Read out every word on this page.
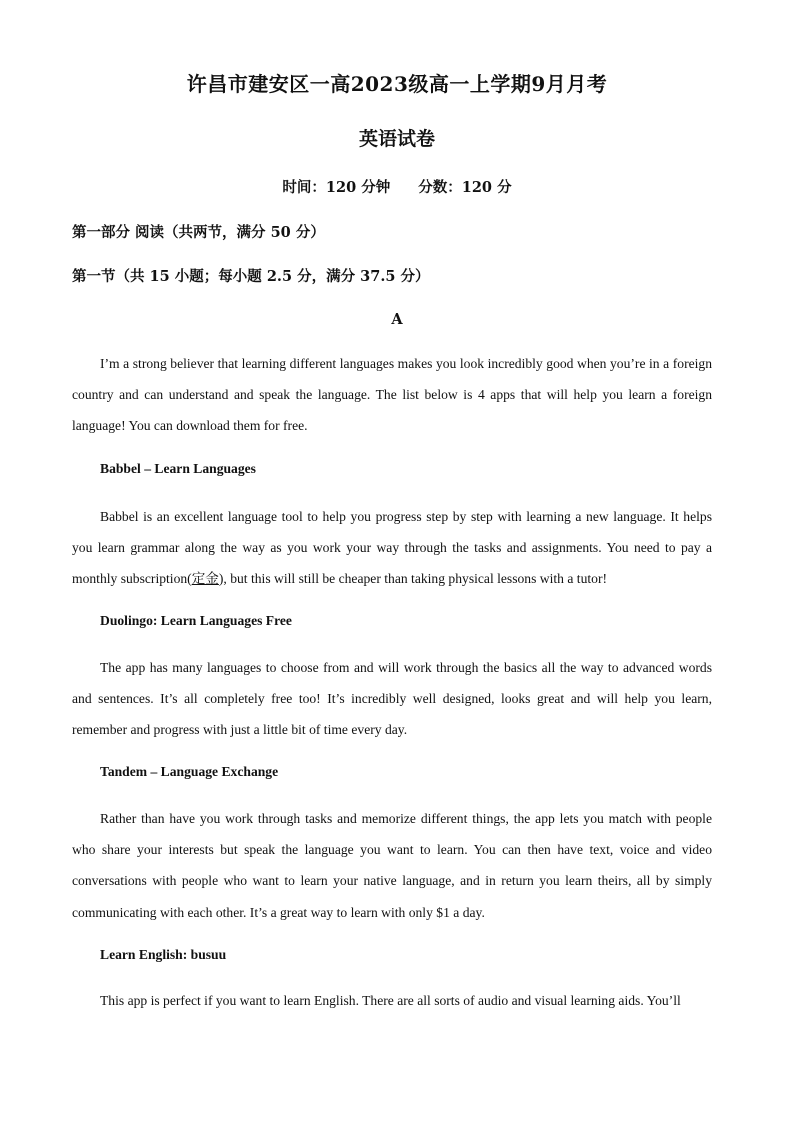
许昌市建安区一高2023级高一上学期9月月考
英语试卷
时间：120 分钟 分数：120 分
第一部分 阅读（共两节，满分 50 分）
第一节（共 15 小题；每小题 2.5 分，满分 37.5 分）
A
I’m a strong believer that learning different languages makes you look incredibly good when you’re in a foreign country and can understand and speak the language. The list below is 4 apps that will help you learn a foreign language! You can download them for free.
Babbel – Learn Languages
Babbel is an excellent language tool to help you progress step by step with learning a new language. It helps you learn grammar along the way as you work your way through the tasks and assignments. You need to pay a monthly subscription(定金), but this will still be cheaper than taking physical lessons with a tutor!
Duolingo: Learn Languages Free
The app has many languages to choose from and will work through the basics all the way to advanced words and sentences. It’s all completely free too! It’s incredibly well designed, looks great and will help you learn, remember and progress with just a little bit of time every day.
Tandem – Language Exchange
Rather than have you work through tasks and memorize different things, the app lets you match with people who share your interests but speak the language you want to learn. You can then have text, voice and video conversations with people who want to learn your native language, and in return you learn theirs, all by simply communicating with each other. It’s a great way to learn with only $1 a day.
Learn English: busuu
This app is perfect if you want to learn English. There are all sorts of audio and visual learning aids. You’ll
